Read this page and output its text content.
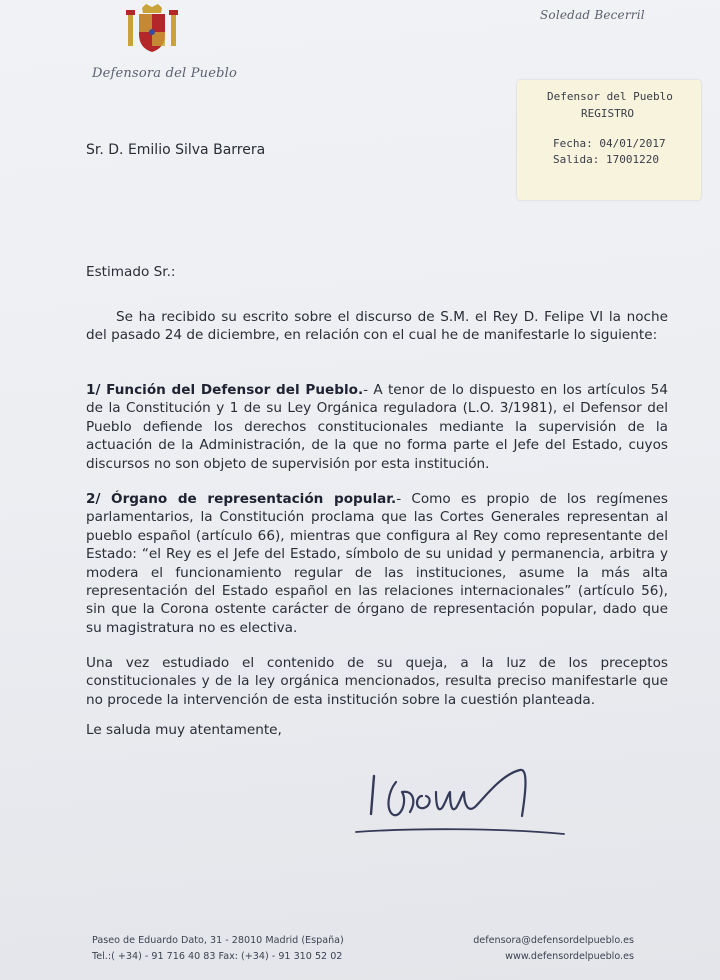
Defensora del Pueblo
Soledad Becerril
Defensor del Pueblo
REGISTRO
Fecha: 04/01/2017
Salida: 17001220
Sr. D. Emilio Silva Barrera
Estimado Sr.:
Se ha recibido su escrito sobre el discurso de S.M. el Rey D. Felipe VI la noche del pasado 24 de diciembre, en relación con el cual he de manifestarle lo siguiente:
1/ Función del Defensor del Pueblo.- A tenor de lo dispuesto en los artículos 54 de la Constitución y 1 de su Ley Orgánica reguladora (L.O. 3/1981), el Defensor del Pueblo defiende los derechos constitucionales mediante la supervisión de la actuación de la Administración, de la que no forma parte el Jefe del Estado, cuyos discursos no son objeto de supervisión por esta institución.
2/ Órgano de representación popular.- Como es propio de los regímenes parlamentarios, la Constitución proclama que las Cortes Generales representan al pueblo español (artículo 66), mientras que configura al Rey como representante del Estado: “el Rey es el Jefe del Estado, símbolo de su unidad y permanencia, arbitra y modera el funcionamiento regular de las instituciones, asume la más alta representación del Estado español en las relaciones internacionales” (artículo 56), sin que la Corona ostente carácter de órgano de representación popular, dado que su magistratura no es electiva.
Una vez estudiado el contenido de su queja, a la luz de los preceptos constitucionales y de la ley orgánica mencionados, resulta preciso manifestarle que no procede la intervención de esta institución sobre la cuestión planteada.
Le saluda muy atentamente,
Paseo de Eduardo Dato, 31 - 28010 Madrid (España)
Tel.:( +34) - 91 716 40 83 Fax: (+34) - 91 310 52 02
defensora@defensordelpueblo.es
www.defensordelpueblo.es
